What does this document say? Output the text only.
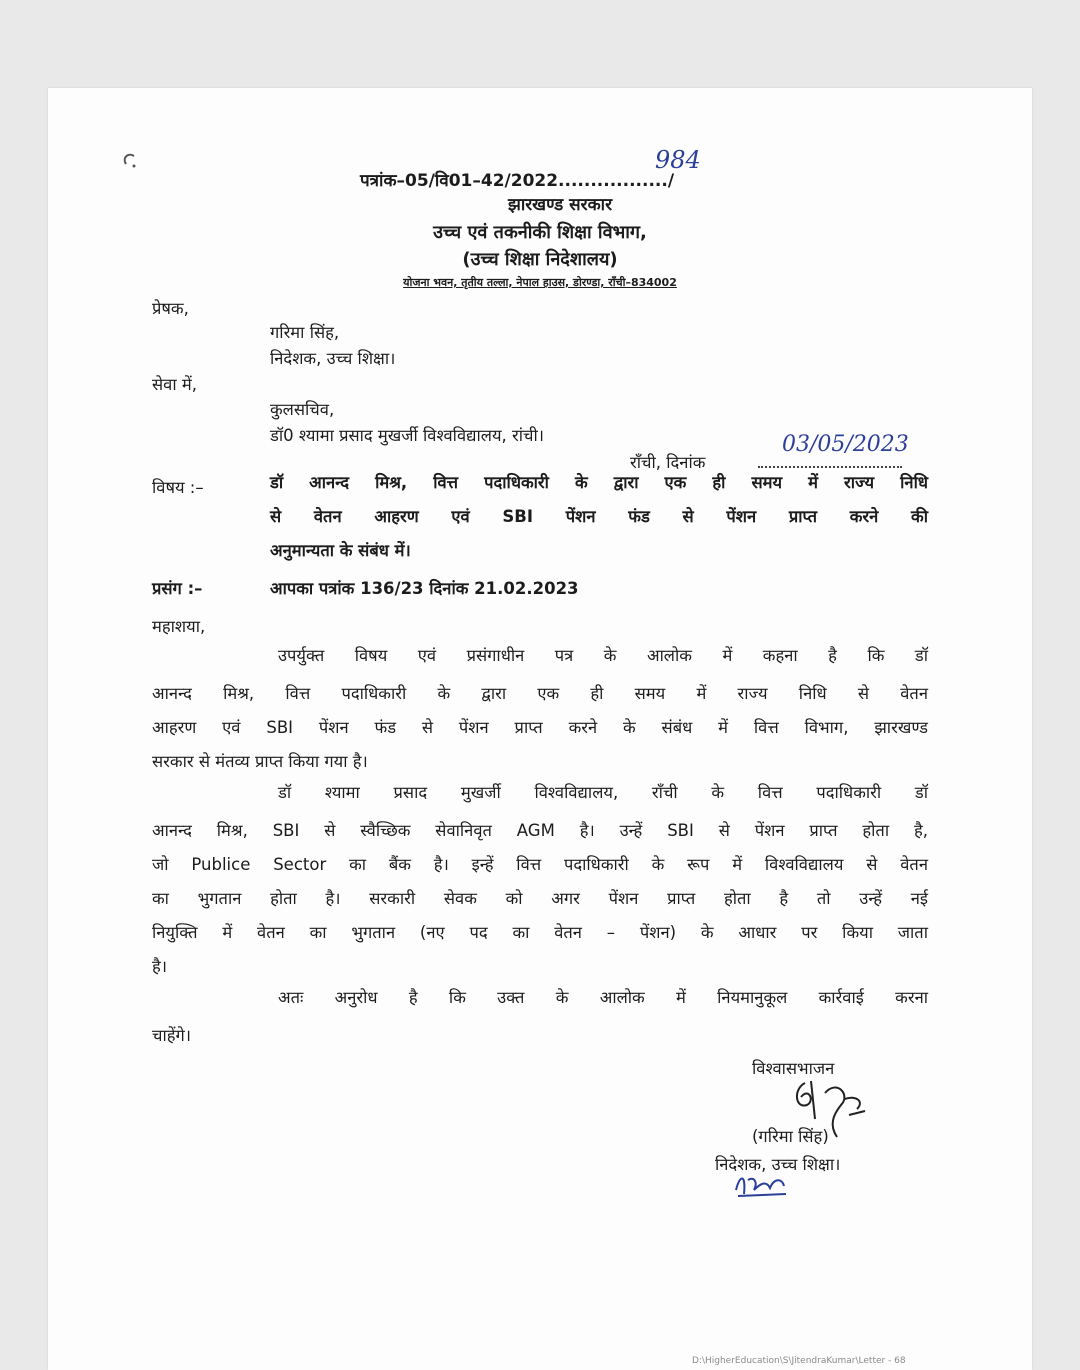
पत्रांक–05/वि01–42/2022................./
984
झारखण्ड सरकार
उच्च एवं तकनीकी शिक्षा विभाग,
(उच्च शिक्षा निदेशालय)
योजना भवन, तृतीय तल्ला, नेपाल हाउस, डोरण्डा, राँची–834002
प्रेषक,
गरिमा सिंह,
निदेशक, उच्च शिक्षा।
सेवा में,
कुलसचिव,
डॉ0 श्यामा प्रसाद मुखर्जी विश्वविद्यालय, रांची।
राँची, दिनांक
03/05/2023
विषय :–	डॉ आनन्द मिश्र, वित्त पदाधिकारी के द्वारा एक ही समय में राज्य निधि
से वेतन आहरण एवं SBI पेंशन फंड से पेंशन प्राप्त करने की
अनुमान्यता के संबंध में।
प्रसंग :–	आपका पत्रांक 136/23 दिनांक 21.02.2023
महाशया,
उपर्युक्त विषय एवं प्रसंगाधीन पत्र के आलोक में कहना है कि डॉ
आनन्द मिश्र, वित्त पदाधिकारी के द्वारा एक ही समय में राज्य निधि से वेतन
आहरण एवं SBI पेंशन फंड से पेंशन प्राप्त करने के संबंध में वित्त विभाग, झारखण्ड
सरकार से मंतव्य प्राप्त किया गया है।
डॉ श्यामा प्रसाद मुखर्जी विश्वविद्यालय, राँची के वित्त पदाधिकारी डॉ
आनन्द मिश्र, SBI से स्वैच्छिक सेवानिवृत AGM है। उन्हें SBI से पेंशन प्राप्त होता है,
जो Publice Sector का बैंक है। इन्हें वित्त पदाधिकारी के रूप में विश्वविद्यालय से वेतन
का भुगतान होता है। सरकारी सेवक को अगर पेंशन प्राप्त होता है तो उन्हें नई
नियुक्ति में वेतन का भुगतान (नए पद का वेतन – पेंशन) के आधार पर किया जाता
है।
अतः अनुरोध है कि उक्त के आलोक में नियमानुकूल कार्रवाई करना
चाहेंगे।
विश्वासभाजन
(गरिमा सिंह)
निदेशक, उच्च शिक्षा।
D:\HigherEducation\S\JitendraKumar\Letter - 68
